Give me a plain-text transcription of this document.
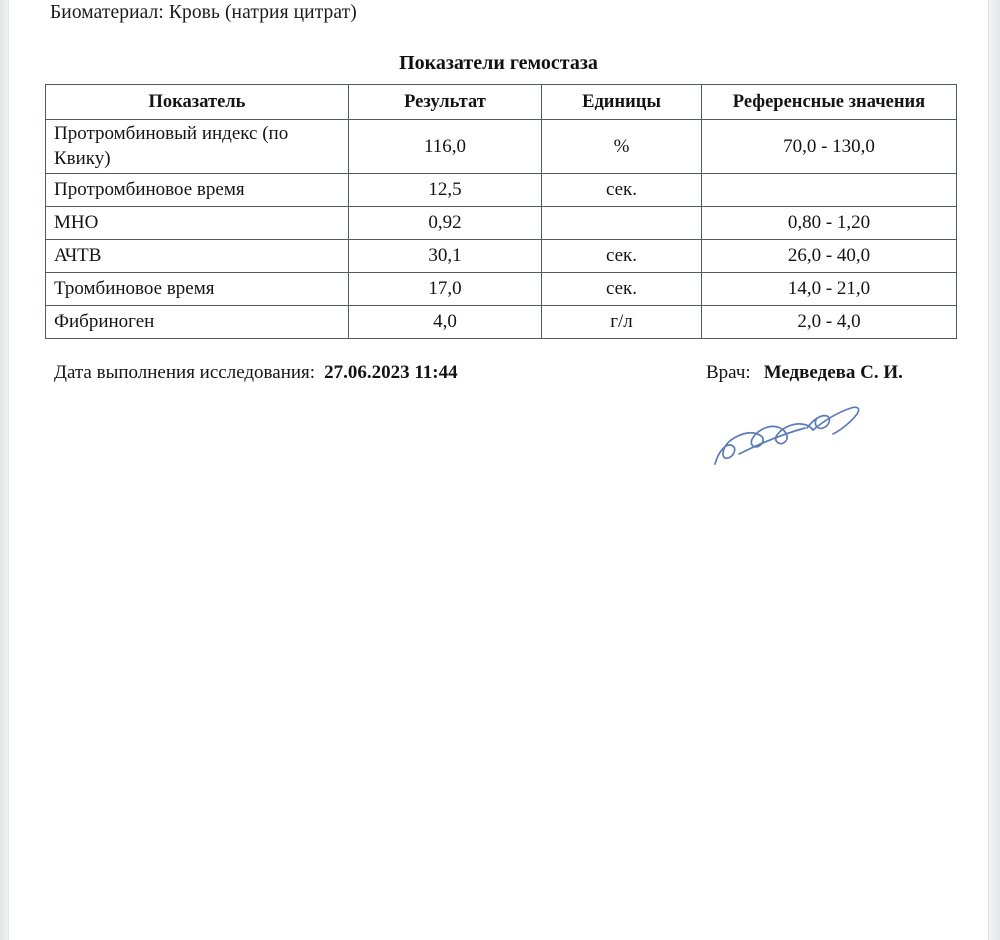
Биоматериал: Кровь (натрия цитрат)
Показатели гемостаза
Показатель	Результат	Единицы	Референсные значения

Протромбиновый индекс (по Квику)	116,0	%	70,0 - 130,0

Протромбиновое время	12,5	сек.	

МНО	0,92		0,80 - 1,20

АЧТВ	30,1	сек.	26,0 - 40,0

Тромбиновое время	17,0	сек.	14,0 - 21,0

Фибриноген	4,0	г/л	2,0 - 4,0
Дата выполнения исследования: 27.06.2023 11:44	Врач: Медведева С. И.
